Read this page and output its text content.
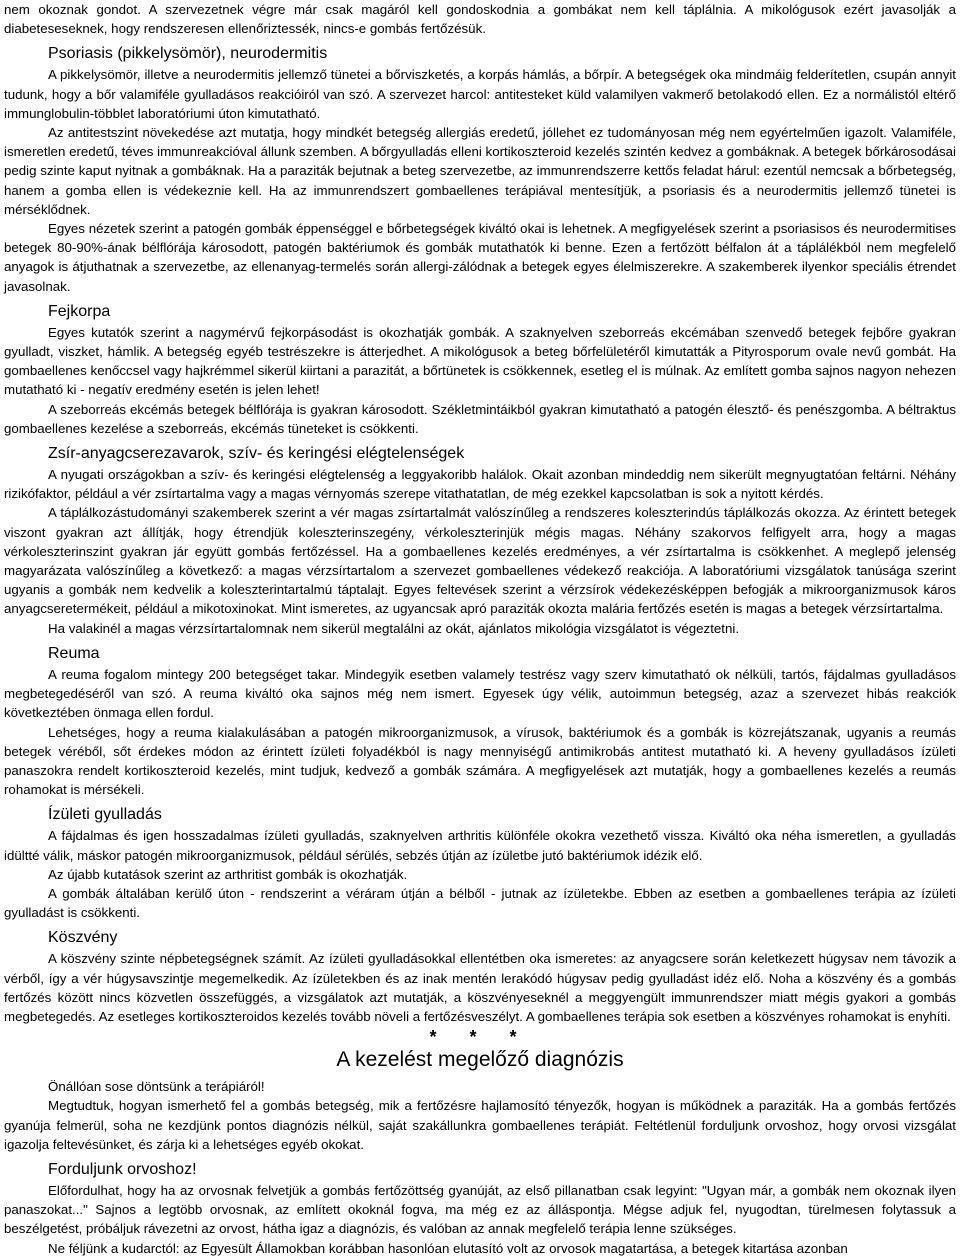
nem okoznak gondot. A szervezetnek végre már csak magáról kell gondoskodnia a gombákat nem kell táplálnia. A mikológusok ezért javasolják a diabeteseseknek, hogy rendszeresen ellenőriztessék, nincs-e gombás fertőzésük.

Psoriasis (pikkelysömör), neurodermitis

A pikkelysömör, illetve a neurodermitis jellemző tünetei a bőrviszketés, a korpás hámlás, a bőrpír. A betegségek oka mindmáig felderítetlen, csupán annyit tudunk, hogy a bőr valamiféle gyulladásos reakcióiról van szó. A szervezet harcol: antitesteket küld valamilyen vakmerő betolakodó ellen. Ez a normálistól eltérő immunglobulin-többlet laboratóriumi úton kimutatható.

Az antitestszint növekedése azt mutatja, hogy mindkét betegség allergiás eredetű, jóllehet ez tudományosan még nem egyértelműen igazolt. Valamiféle, ismeretlen eredetű, téves immunreakcióval állunk szemben. A bőrgyulladás elleni kortikoszteroid kezelés szintén kedvez a gombáknak. A betegek bőrkárosodásai pedig szinte kaput nyitnak a gombáknak. Ha a paraziták bejutnak a beteg szervezetbe, az immunrendszerre kettős feladat hárul: ezentúl nemcsak a bőrbetegség, hanem a gomba ellen is védekeznie kell. Ha az immunrendszert gombaellenes terápiával mentesítjük, a psoriasis és a neurodermitis jellemző tünetei is mérséklődnek.

Egyes nézetek szerint a patogén gombák éppenséggel e bőrbetegségek kiváltó okai is lehetnek. A megfigyelések szerint a psoriasisos és neurodermitises betegek 80-90%-ának bélflórája károsodott, patogén baktériumok és gombák mutathatók ki benne. Ezen a fertőzött bélfalon át a táplálékból nem megfelelő anyagok is átjuthatnak a szervezetbe, az ellenanyag-termelés során allergi-zálódnak a betegek egyes élelmiszerekre. A szakemberek ilyenkor speciális étrendet javasolnak.

Fejkorpa

Egyes kutatók szerint a nagymérvű fejkorpásodást is okozhatják gombák. A szaknyelven szeborreás ekcémában szenvedő betegek fejbőre gyakran gyulladt, viszket, hámlik. A betegség egyéb testrészekre is átterjedhet. A mikológusok a beteg bőrfelületéről kimutatták a Pityrosporum ovale nevű gombát. Ha gombaellenes kenőccsel vagy hajkrémmel sikerül kiirtani a parazitát, a bőrtünetek is csökkennek, esetleg el is múlnak. Az említett gomba sajnos nagyon nehezen mutatható ki - negatív eredmény esetén is jelen lehet!

A szeborreás ekcémás betegek bélflórája is gyakran károsodott. Székletmintáikból gyakran kimutatható a patogén élesztő- és penészgomba. A béltraktus gombaellenes kezelése a szeborreás, ekcémás tüneteket is csökkenti.

Zsír-anyagcserezavarok, szív- és keringési elégtelenségek

A nyugati országokban a szív- és keringési elégtelenség a leggyakoribb halálok. Okait azonban mindeddig nem sikerült megnyugtatóan feltárni. Néhány rizikófaktor, például a vér zsírtartalma vagy a magas vérnyomás szerepe vitathatatlan, de még ezekkel kapcsolatban is sok a nyitott kérdés.

A táplálkozástudományi szakemberek szerint a vér magas zsírtartalmát valószínűleg a rendszeres koleszterindús táplálkozás okozza. Az érintett betegek viszont gyakran azt állítják, hogy étrendjük koleszterinszegény, vérkoleszterinjük mégis magas. Néhány szakorvos felfigyelt arra, hogy a magas vérkoleszterinszint gyakran jár együtt gombás fertőzéssel. Ha a gombaellenes kezelés eredményes, a vér zsírtartalma is csökkenhet. A meglepő jelenség magyarázata valószínűleg a következő: a magas vérzsírtartalom a szervezet gombaellenes védekező reakciója. A laboratóriumi vizsgálatok tanúsága szerint ugyanis a gombák nem kedvelik a koleszterintartalmú táptalajt. Egyes feltevések szerint a vérzsírok védekezésképpen befogják a mikroorganizmusok káros anyagcseretermékeit, például a mikotoxinokat. Mint ismeretes, az ugyancsak apró paraziták okozta malária fertőzés esetén is magas a betegek vérzsírtartalma.

Ha valakinél a magas vérzsírtartalomnak nem sikerül megtalálni az okát, ajánlatos mikológia vizsgálatot is végeztetni.

Reuma

A reuma fogalom mintegy 200 betegséget takar. Mindegyik esetben valamely testrész vagy szerv kimutatható ok nélküli, tartós, fájdalmas gyulladásos megbetegedéséről van szó. A reuma kiváltó oka sajnos még nem ismert. Egyesek úgy vélik, autoimmun betegség, azaz a szervezet hibás reakciók következtében önmaga ellen fordul.

Lehetséges, hogy a reuma kialakulásában a patogén mikroorganizmusok, a vírusok, baktériumok és a gombák is közrejátszanak, ugyanis a reumás betegek véréből, sőt érdekes módon az érintett ízületi folyadékból is nagy mennyiségű antimikrobás antitest mutatható ki. A heveny gyulladásos ízületi panaszokra rendelt kortikoszteroid kezelés, mint tudjuk, kedvező a gombák számára. A megfigyelések azt mutatják, hogy a gombaellenes kezelés a reumás rohamokat is mérsékeli.

Ízületi gyulladás

A fájdalmas és igen hosszadalmas ízületi gyulladás, szaknyelven arthritis különféle okokra vezethető vissza. Kiváltó oka néha ismeretlen, a gyulladás idültté válik, máskor patogén mikroorganizmusok, például sérülés, sebzés útján az ízületbe jutó baktériumok idézik elő.

Az újabb kutatások szerint az arthritist gombák is okozhatják.

A gombák általában kerülő úton - rendszerint a véráram útján a bélből - jutnak az ízületekbe. Ebben az esetben a gombaellenes terápia az ízületi gyulladást is csökkenti.

Köszvény

A köszvény szinte népbetegségnek számít. Az ízületi gyulladásokkal ellentétben oka ismeretes: az anyagcsere során keletkezett húgysav nem távozik a vérből, így a vér húgysavszintje megemelkedik. Az ízületekben és az inak mentén lerakódó húgysav pedig gyulladást idéz elő. Noha a köszvény és a gombás fertőzés között nincs közvetlen összefüggés, a vizsgálatok azt mutatják, a köszvényeseknél a meggyengült immunrendszer miatt mégis gyakori a gombás megbetegedés. Az esetleges kortikoszteroidos kezelés tovább növeli a fertőzésveszélyt. A gombaellenes terápia sok esetben a köszvényes rohamokat is enyhíti.

* * *
A kezelést megelőző diagnózis

Önállóan sose döntsünk a terápiáról!

Megtudtuk, hogyan ismerhető fel a gombás betegség, mik a fertőzésre hajlamosító tényezők, hogyan is működnek a paraziták. Ha a gombás fertőzés gyanúja felmerül, soha ne kezdjünk pontos diagnózis nélkül, saját szakállunkra gombaellenes terápiát. Feltétlenül forduljunk orvoshoz, hogy orvosi vizsgálat igazolja feltevésünket, és zárja ki a lehetséges egyéb okokat.

Forduljunk orvoshoz!

Előfordulhat, hogy ha az orvosnak felvetjük a gombás fertőzöttség gyanúját, az első pillanatban csak legyint: "Ugyan már, a gombák nem okoznak ilyen panaszokat..." Sajnos a legtöbb orvosnak, az említett okoknál fogva, ma még ez az álláspontja. Mégse adjuk fel, nyugodtan, türelmesen folytassuk a beszélgetést, próbáljuk rávezetni az orvost, hátha igaz a diagnózis, és valóban az annak megfelelő terápia lenne szükséges.

Ne féljünk a kudarctól: az Egyesült Államokban korábban hasonlóan elutasító volt az orvosok magatartása, a betegek kitartása azonban
